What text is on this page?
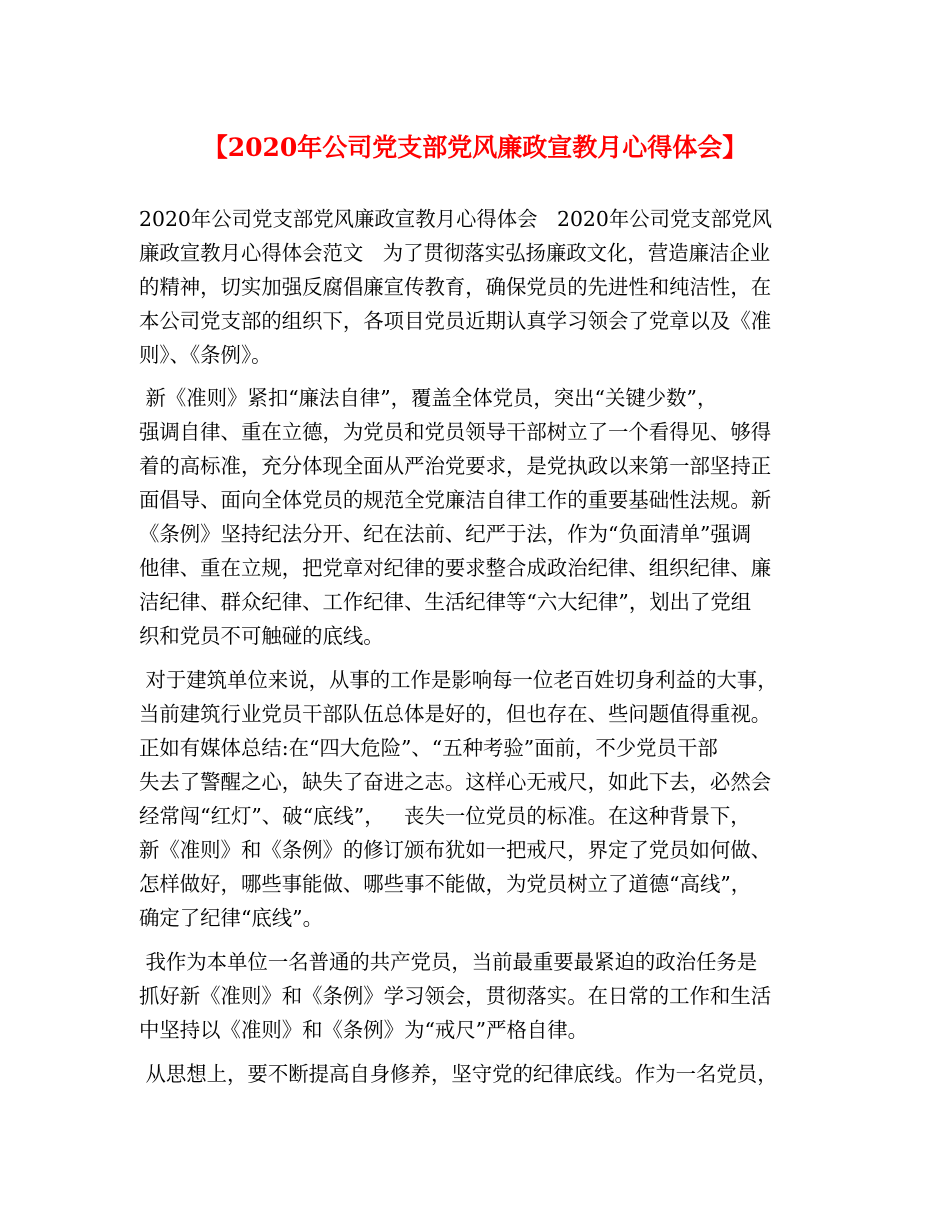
【2020年公司党支部党风廉政宣教月心得体会】
2020年公司党支部党风廉政宣教月心得体会   2020年公司党支部党风
廉政宣教月心得体会范文   为了贯彻落实弘扬廉政文化，营造廉洁企业
的精神，切实加强反腐倡廉宣传教育，确保党员的先进性和纯洁性，在
本公司党支部的组织下，各项目党员近期认真学习领会了党章以及《准
则》、《条例》。
新《准则》紧扣“廉法自律”，覆盖全体党员，突出“关键少数”，
强调自律、重在立德，为党员和党员领导干部树立了一个看得见、够得
着的高标准，充分体现全面从严治党要求，是党执政以来第一部坚持正
面倡导、面向全体党员的规范全党廉洁自律工作的重要基础性法规。新
《条例》坚持纪法分开、纪在法前、纪严于法，作为“负面清单”强调
他律、重在立规，把党章对纪律的要求整合成政治纪律、组织纪律、廉
洁纪律、群众纪律、工作纪律、生活纪律等“六大纪律”，划出了党组
织和党员不可触碰的底线。
对于建筑单位来说，从事的工作是影响每一位老百姓切身利益的大事，
当前建筑行业党员干部队伍总体是好的，但也存在、些问题值得重视。
正如有媒体总结:在“四大危险”、“五种考验”面前，不少党员干部
失去了警醒之心，缺失了奋进之志。这样心无戒尺，如此下去，必然会
经常闯“红灯”、破“底线”，   丧失一位党员的标准。在这种背景下，
新《准则》和《条例》的修订颁布犹如一把戒尺，界定了党员如何做、
怎样做好，哪些事能做、哪些事不能做，为党员树立了道德“高线”，
确定了纪律“底线”。
我作为本单位一名普通的共产党员，当前最重要最紧迫的政治任务是
抓好新《准则》和《条例》学习领会，贯彻落实。在日常的工作和生活
中坚持以《准则》和《条例》为“戒尺”严格自律。
从思想上，要不断提高自身修养，坚守党的纪律底线。作为一名党员，
